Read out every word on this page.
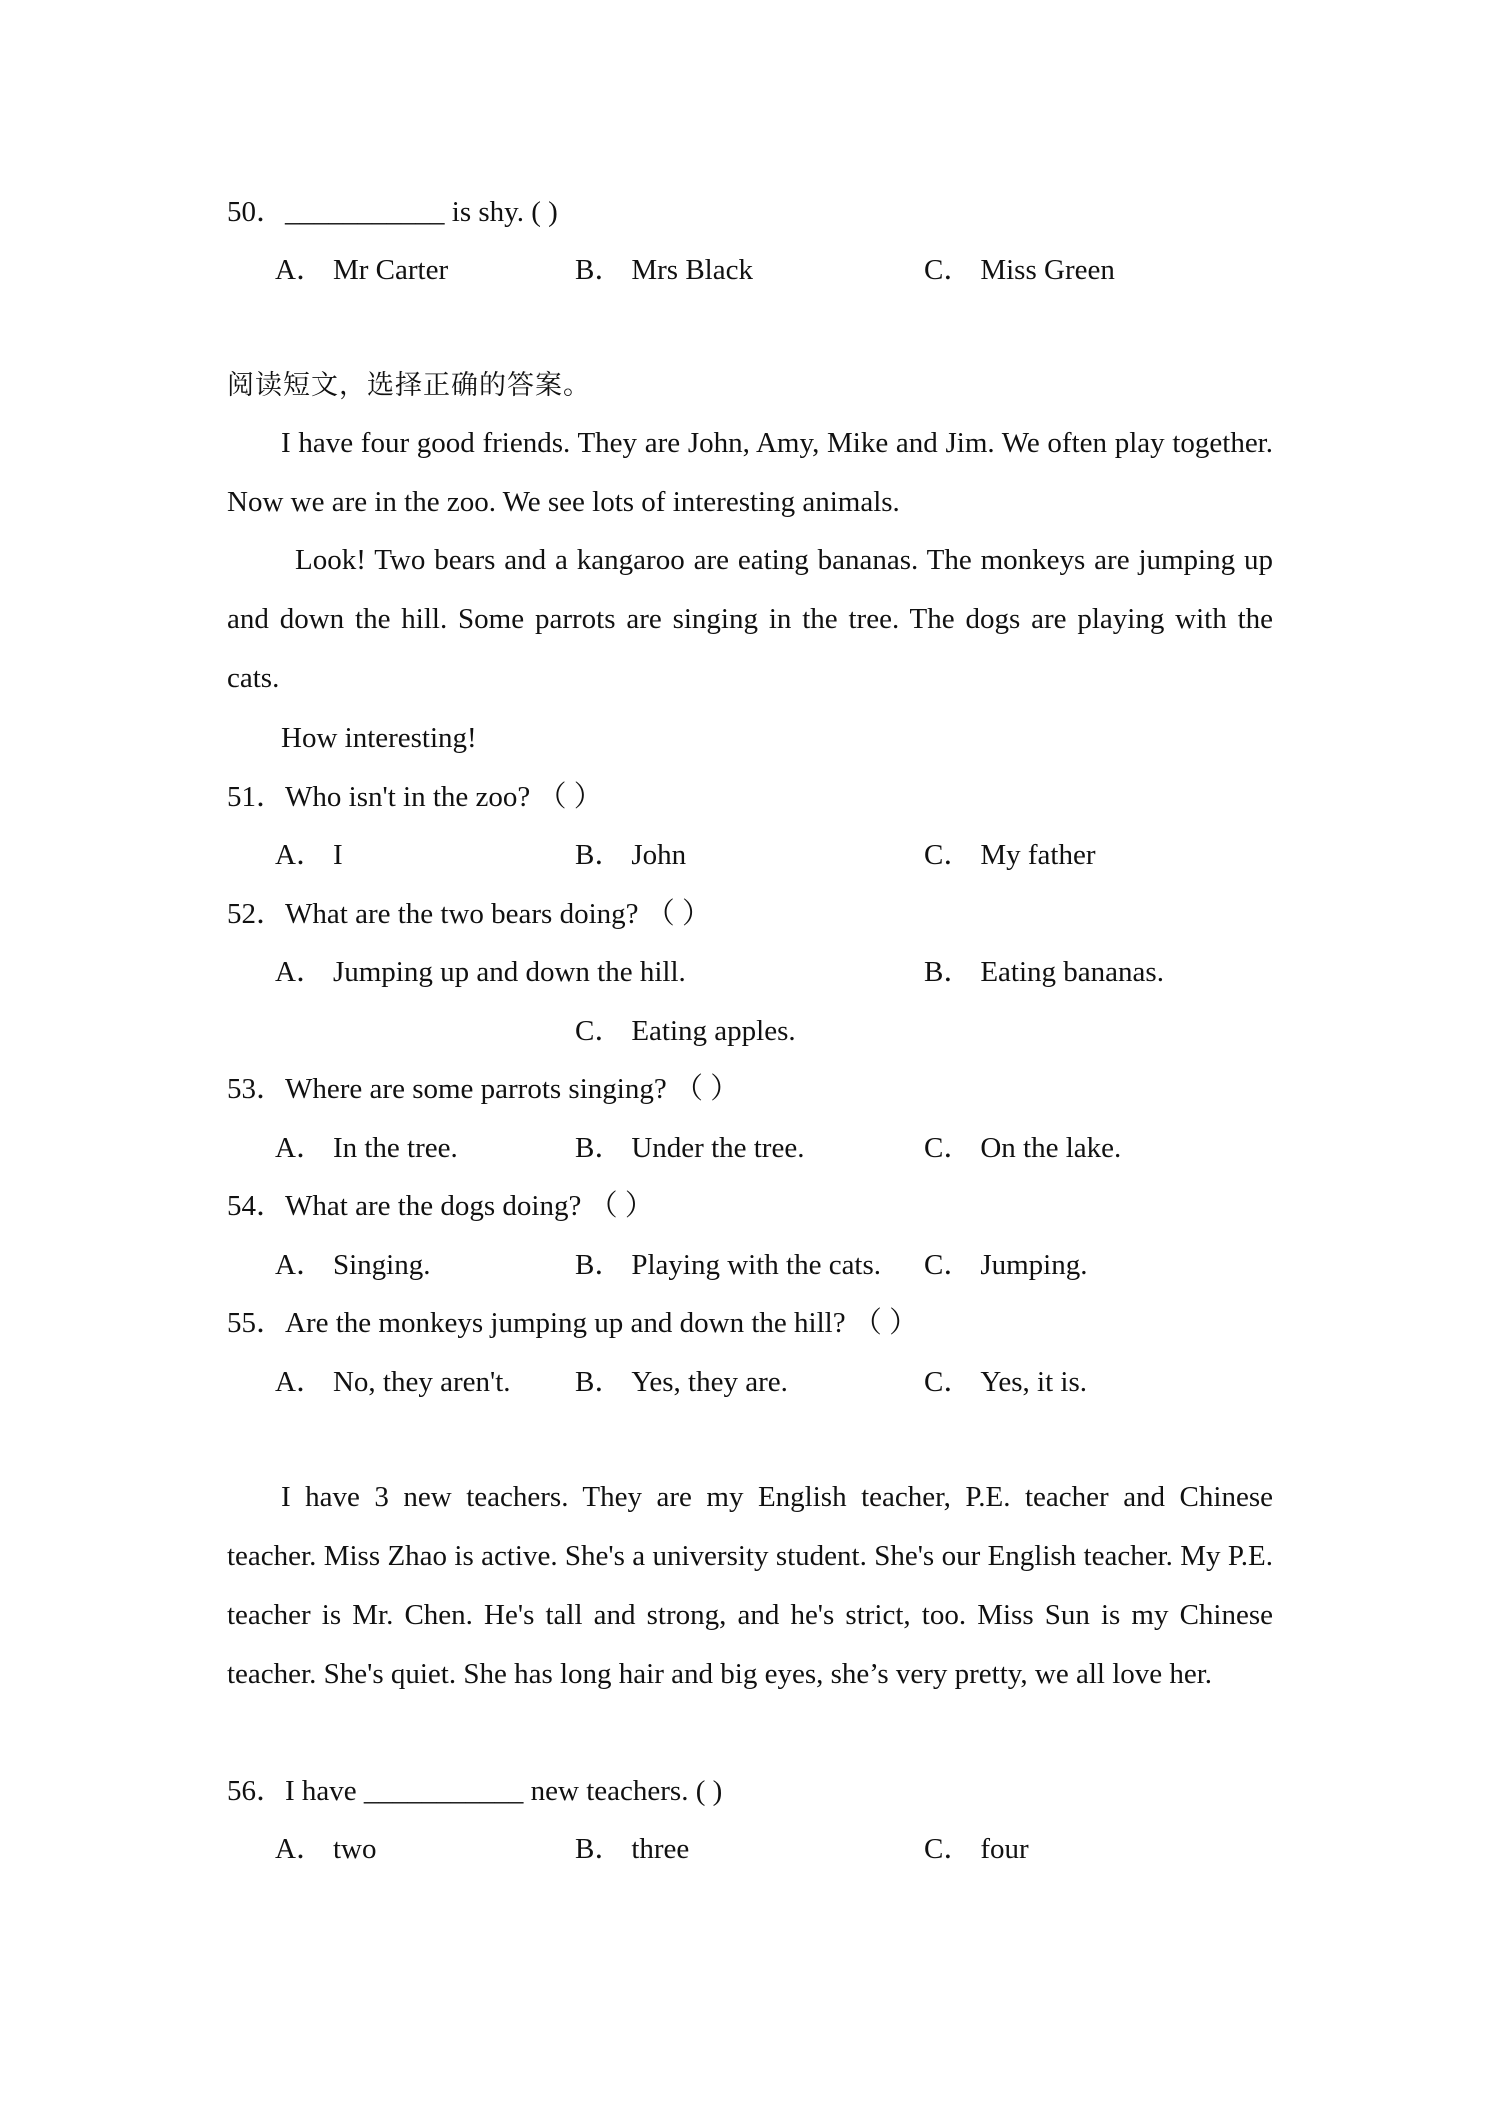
50．___________ is shy. ( )
A． Mr Carter	B． Mrs Black	C． Miss Green
阅读短文，选择正确的答案。
I have four good friends. They are John, Amy, Mike and Jim. We often play together. Now we are in the zoo. We see lots of interesting animals.
Look! Two bears and a kangaroo are eating bananas. The monkeys are jumping up and down the hill. Some parrots are singing in the tree. The dogs are playing with the cats.
How interesting!
51．Who isn't in the zoo? （ ）
A． I	B． John	C． My father
52．What are the two bears doing? （ ）
A． Jumping up and down the hill.	B． Eating bananas.
C． Eating apples.
53．Where are some parrots singing? （ ）
A． In the tree.	B． Under the tree.	C． On the lake.
54．What are the dogs doing? （ ）
A． Singing.	B． Playing with the cats. C． Jumping.
55．Are the monkeys jumping up and down the hill? （ ）
A． No, they aren't. B． Yes, they are.	C． Yes, it is.
I have 3 new teachers. They are my English teacher, P.E. teacher and Chinese teacher. Miss Zhao is active. She's a university student. She's our English teacher. My P.E. teacher is Mr. Chen. He's tall and strong, and he's strict, too. Miss Sun is my Chinese teacher. She's quiet. She has long hair and big eyes, she’s very pretty, we all love her.
56．I have ___________ new teachers. ( )
A． two	B． three	C． four
